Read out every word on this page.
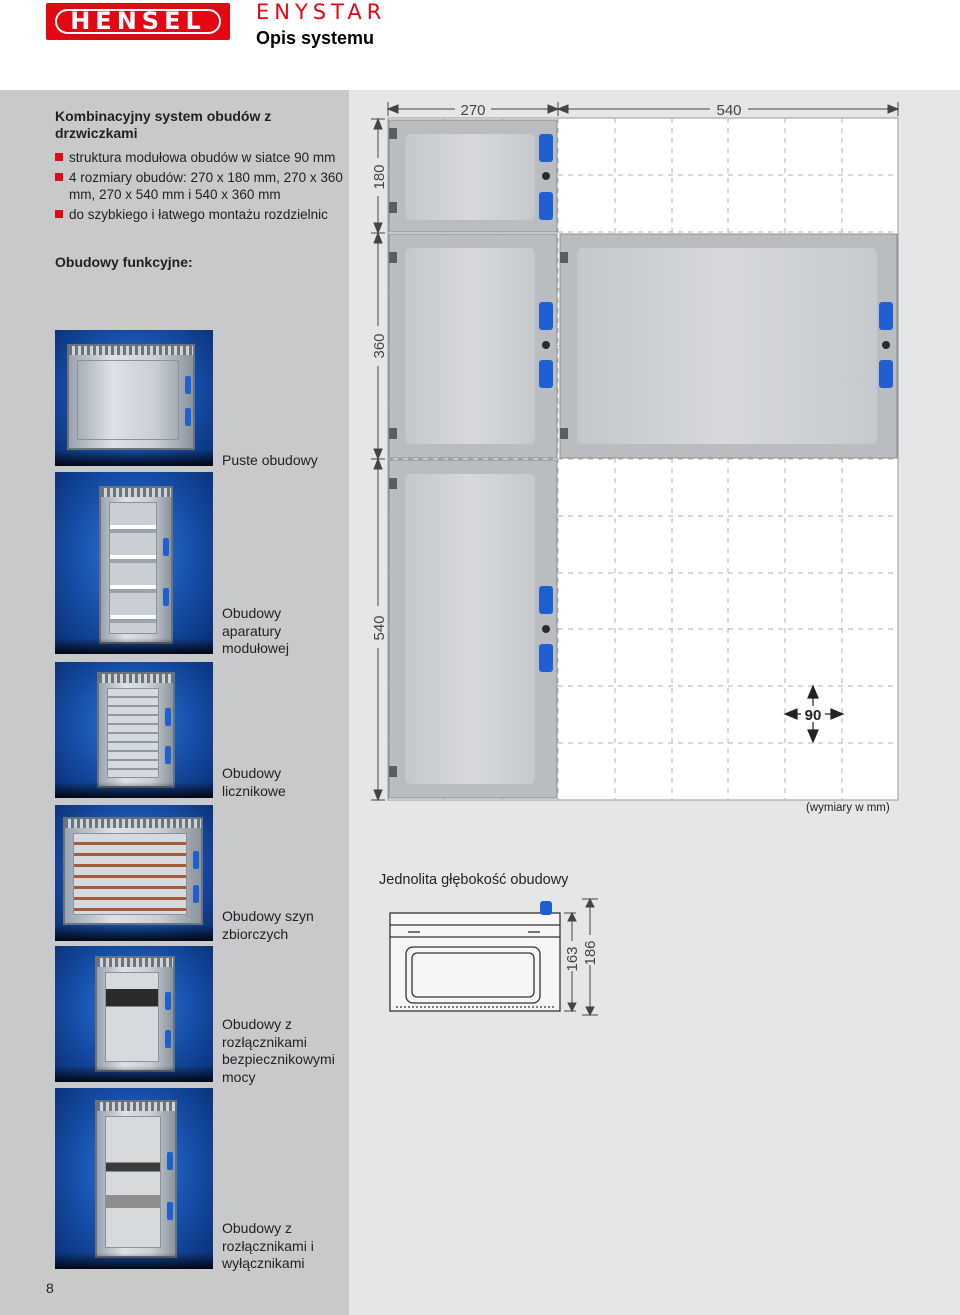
HENSEL	ENYSTAR
Opis systemu
Kombinacyjny system obudów z drzwiczkami
struktura modułowa obudów w siatce 90 mm
4 rozmiary obudów: 270 x 180 mm, 270 x 360 mm, 270 x 540 mm i 540 x 360 mm
do szybkiego i łatwego montażu rozdzielnic
Obudowy funkcyjne:
Puste obudowy
Obudowy aparatury modułowej
Obudowy licznikowe
Obudowy szyn zbiorczych
Obudowy z rozłącznikami bezpiecznikowymi mocy
Obudowy z rozłącznikami i wyłącznikami
8
270	540
180
360
540
90
(wymiary w mm)
Jednolita głębokość obudowy
163 186
